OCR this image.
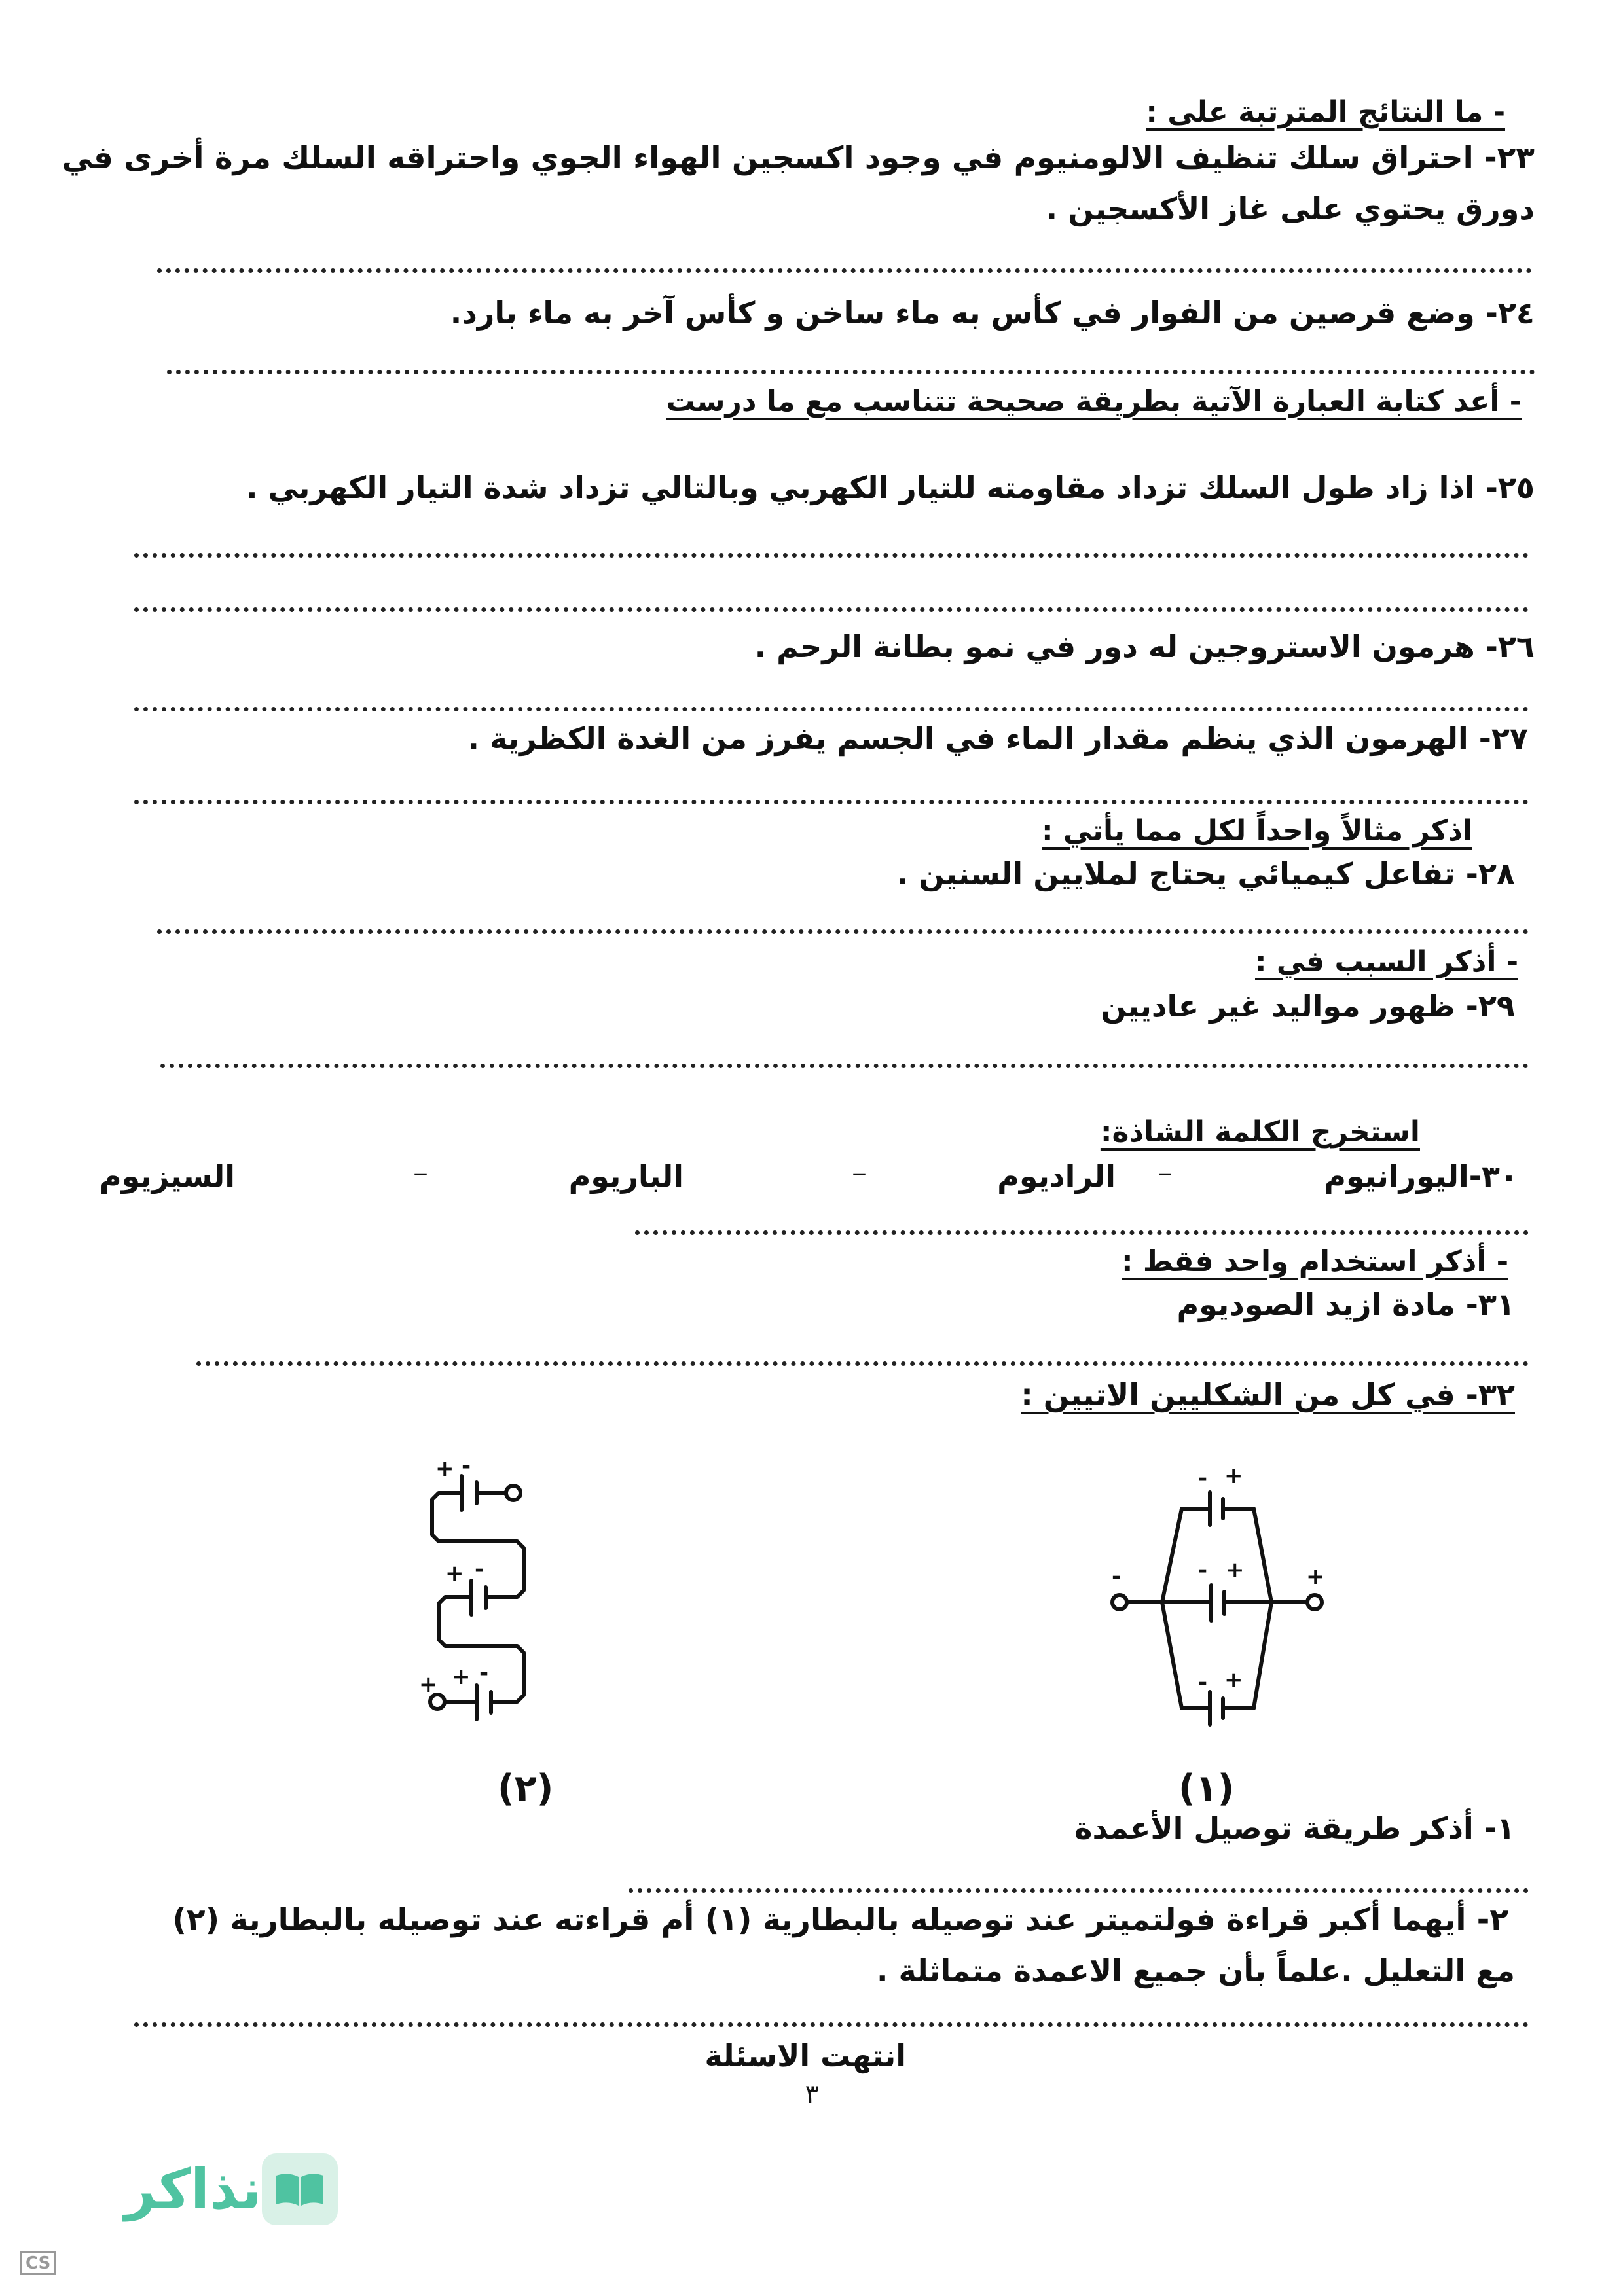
- ما النتائج المترتبة على :
٢٣- احتراق سلك تنظيف الالومنيوم في وجود اكسجين الهواء الجوي واحتراقه السلك مرة أخرى في
دورق يحتوي على غاز الأكسجين .
٢٤- وضع قرصين من الفوار في كأس به ماء ساخن و كأس آخر به ماء بارد.
- أعد كتابة العبارة الآتية بطريقة صحيحة تتناسب مع ما درست
٢٥- اذا زاد طول السلك تزداد مقاومته للتيار الكهربي وبالتالي تزداد شدة التيار الكهربي .
٢٦- هرمون الاستروجين له دور في نمو بطانة الرحم .
٢٧- الهرمون الذي ينظم مقدار الماء في الجسم يفرز من الغدة الكظرية .
اذكر مثالاً واحداً لكل مما يأتي :
٢٨- تفاعل كيميائي يحتاج لملايين السنين .
- أذكر السبب في :
٢٩- ظهور مواليد غير عاديين
استخرج الكلمة الشاذة:
٣٠-اليورانيوم
–
الراديوم
–
الباريوم
–
السيزيوم
- أذكر استخدام واحد فقط :
٣١- مادة ازيد الصوديوم
٣٢- في كل من الشكليين الاتيين :
- +
- +
- +
-	+
+ -
+ -
+ + -
(١)
(٢)
١- أذكر طريقة توصيل الأعمدة
٢- أيهما أكبر قراءة فولتميتر عند توصيله بالبطارية (١) أم قراءته عند توصيله بالبطارية (٢)
مع التعليل .علماً بأن جميع الاعمدة متماثلة .
انتهت الاسئلة
٣
نذاكر
CS
